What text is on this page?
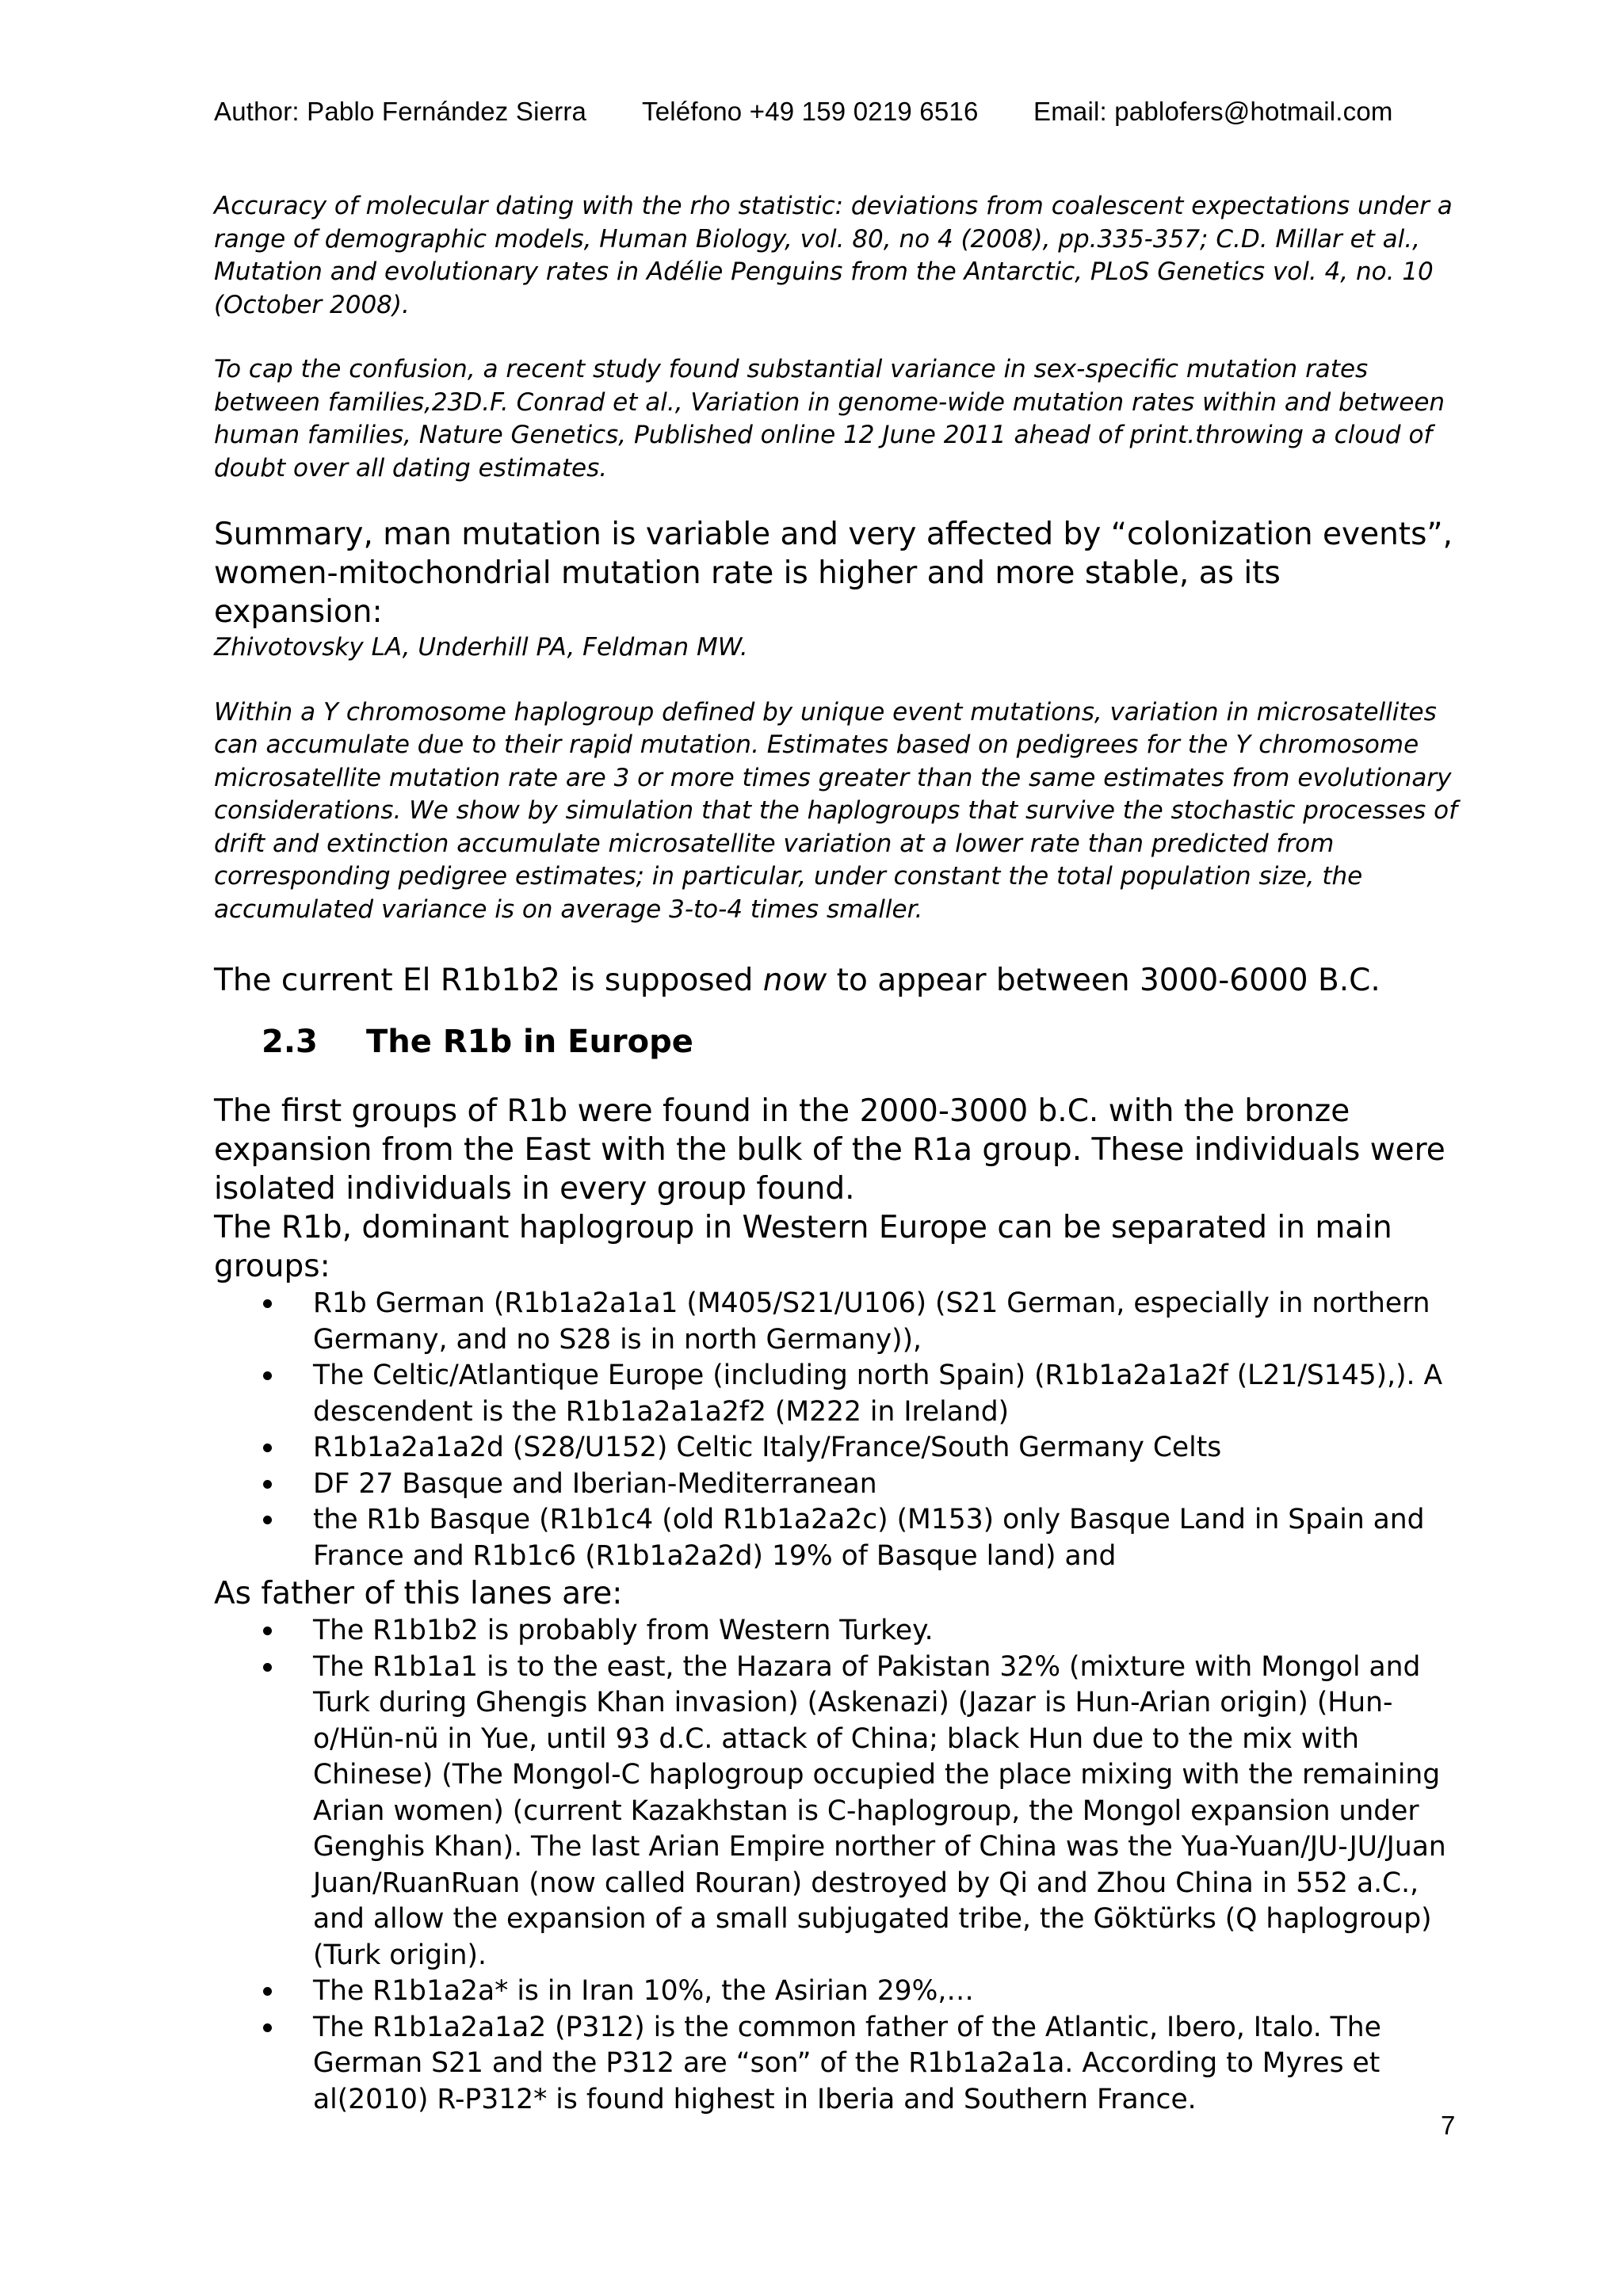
Author: Pablo Fernández Sierra Teléfono +49 159 0219 6516 Email: pablofers@hotmail.com

Accuracy of molecular dating with the rho statistic: deviations from coalescent expectations under a range of demographic models, Human Biology, vol. 80, no 4 (2008), pp.335-357; C.D. Millar et al., Mutation and evolutionary rates in Adélie Penguins from the Antarctic, PLoS Genetics vol. 4, no. 10 (October 2008).

To cap the confusion, a recent study found substantial variance in sex-specific mutation rates between families,23D.F. Conrad et al., Variation in genome-wide mutation rates within and between human families, Nature Genetics, Published online 12 June 2011 ahead of print.throwing a cloud of doubt over all dating estimates.

Summary, man mutation is variable and very affected by “colonization events”, women-mitochondrial mutation rate is higher and more stable, as its expansion:

Zhivotovsky LA, Underhill PA, Feldman MW.

Within a Y chromosome haplogroup defined by unique event mutations, variation in microsatellites can accumulate due to their rapid mutation. Estimates based on pedigrees for the Y chromosome microsatellite mutation rate are 3 or more times greater than the same estimates from evolutionary considerations. We show by simulation that the haplogroups that survive the stochastic processes of drift and extinction accumulate microsatellite variation at a lower rate than predicted from corresponding pedigree estimates; in particular, under constant the total population size, the accumulated variance is on average 3-to-4 times smaller.

The current El R1b1b2 is supposed now to appear between 3000-6000 B.C.

2.3 The R1b in Europe

The first groups of R1b were found in the 2000-3000 b.C. with the bronze expansion from the East with the bulk of the R1a group. These individuals were isolated individuals in every group found.

The R1b, dominant haplogroup in Western Europe can be separated in main groups:

R1b German (R1b1a2a1a1 (M405/S21/U106) (S21 German, especially in northern Germany, and no S28 is in north Germany)),
The Celtic/Atlantique Europe (including north Spain) (R1b1a2a1a2f (L21/S145),). A descendent is the R1b1a2a1a2f2 (M222 in Ireland)
R1b1a2a1a2d (S28/U152) Celtic Italy/France/South Germany Celts
DF 27 Basque and Iberian-Mediterranean
the R1b Basque (R1b1c4 (old R1b1a2a2c) (M153) only Basque Land in Spain and France and R1b1c6 (R1b1a2a2d) 19% of Basque land) and

As father of this lanes are:

The R1b1b2 is probably from Western Turkey.
The R1b1a1 is to the east, the Hazara of Pakistan 32% (mixture with Mongol and Turk during Ghengis Khan invasion) (Askenazi) (Jazar is Hun-Arian origin) (Hun-o/Hün-nü in Yue, until 93 d.C. attack of China; black Hun due to the mix with Chinese) (The Mongol-C haplogroup occupied the place mixing with the remaining Arian women) (current Kazakhstan is C-haplogroup, the Mongol expansion under Genghis Khan). The last Arian Empire norther of China was the Yua-Yuan/JU-JU/Juan Juan/RuanRuan (now called Rouran) destroyed by Qi and Zhou China in 552 a.C., and allow the expansion of a small subjugated tribe, the Göktürks (Q haplogroup) (Turk origin).
The R1b1a2a* is in Iran 10%, the Asirian 29%,…
The R1b1a2a1a2 (P312) is the common father of the Atlantic, Ibero, Italo. The German S21 and the P312 are “son” of the R1b1a2a1a. According to Myres et al(2010) R-P312* is found highest in Iberia and Southern France.
7
